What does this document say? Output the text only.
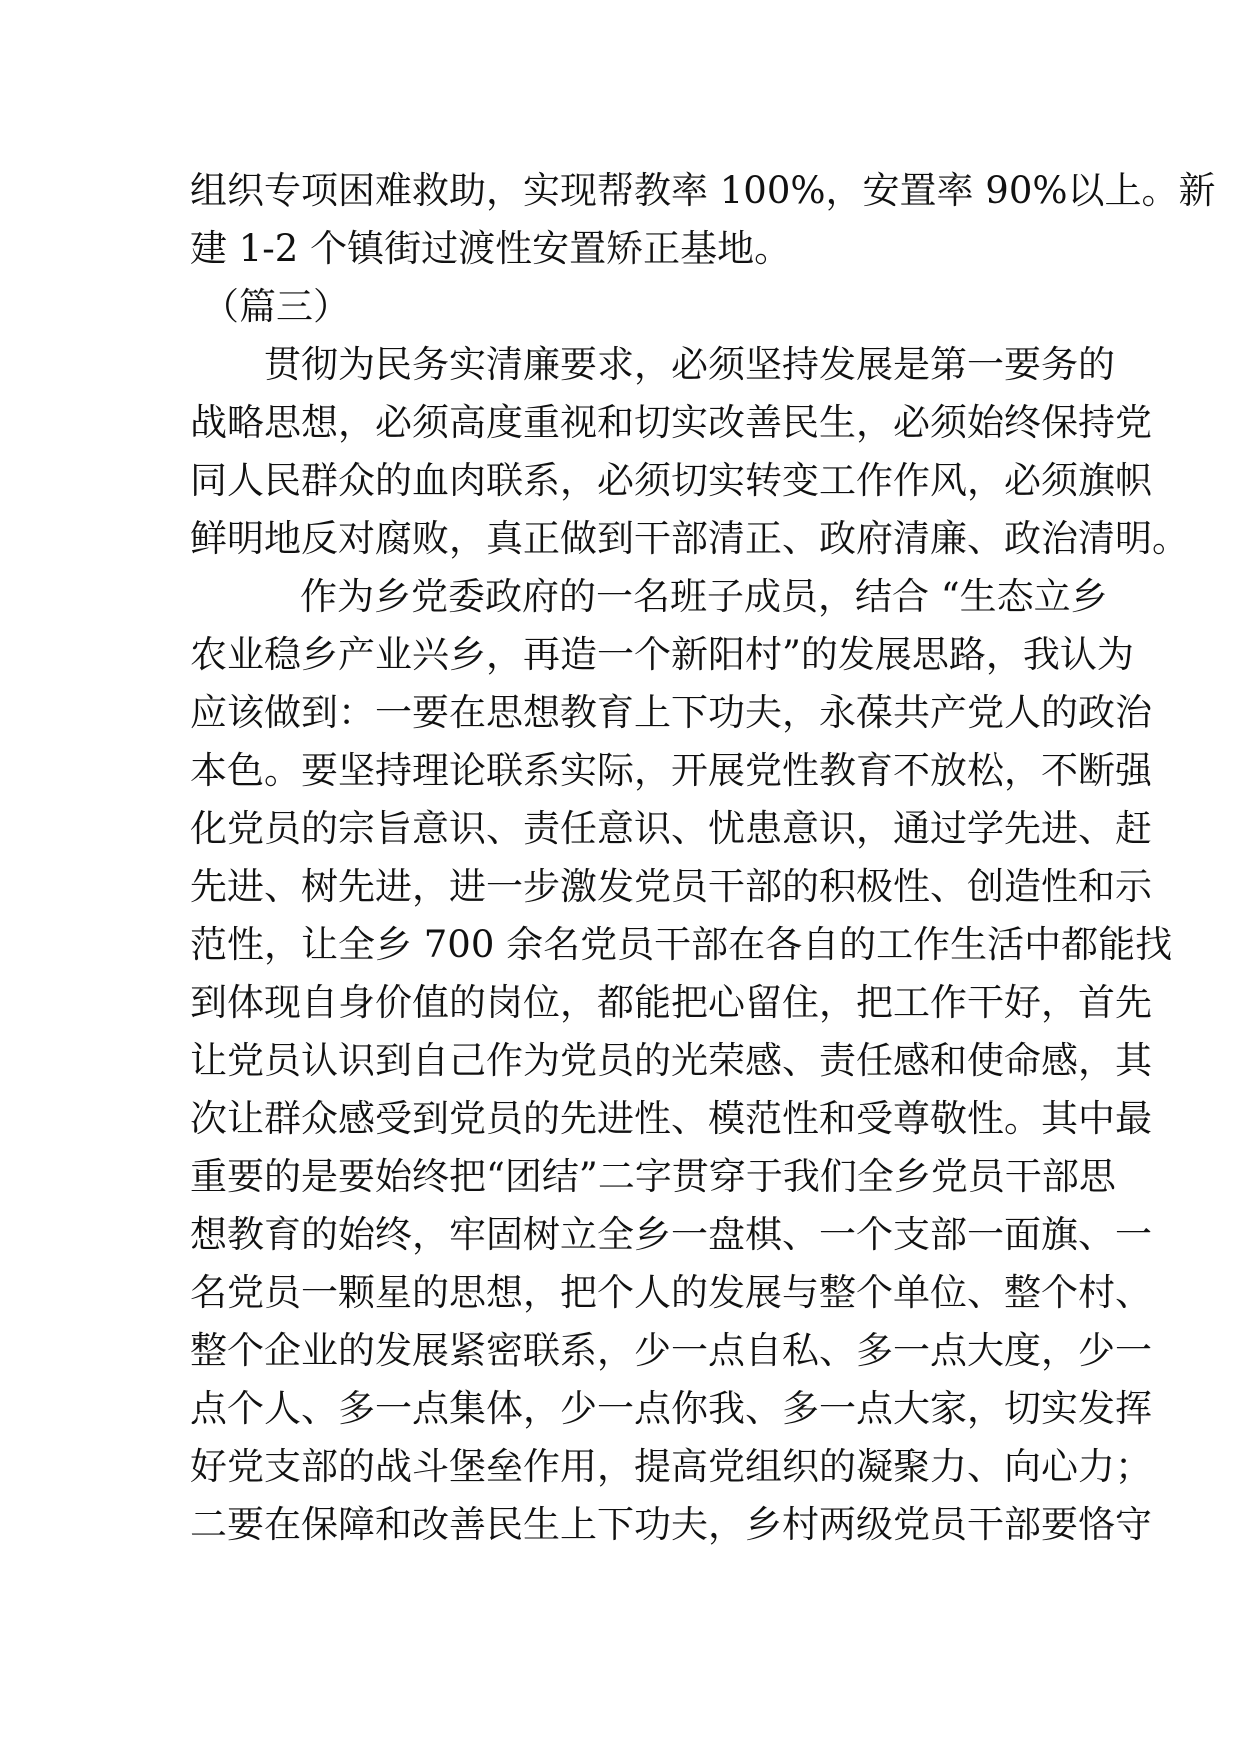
组织专项困难救助，实现帮教率 100%，安置率 90%以上。新
建 1-2 个镇街过渡性安置矫正基地。
（篇三）
贯彻为民务实清廉要求，必须坚持发展是第一要务的
战略思想，必须高度重视和切实改善民生，必须始终保持党
同人民群众的血肉联系，必须切实转变工作作风，必须旗帜
鲜明地反对腐败，真正做到干部清正、政府清廉、政治清明。
作为乡党委政府的一名班子成员，结合 “生态立乡
农业稳乡产业兴乡，再造一个新阳村”的发展思路，我认为
应该做到：一要在思想教育上下功夫，永葆共产党人的政治
本色。要坚持理论联系实际，开展党性教育不放松，不断强
化党员的宗旨意识、责任意识、忧患意识，通过学先进、赶
先进、树先进，进一步激发党员干部的积极性、创造性和示
范性，让全乡 700 余名党员干部在各自的工作生活中都能找
到体现自身价值的岗位，都能把心留住，把工作干好，首先
让党员认识到自己作为党员的光荣感、责任感和使命感，其
次让群众感受到党员的先进性、模范性和受尊敬性。其中最
重要的是要始终把“团结”二字贯穿于我们全乡党员干部思
想教育的始终，牢固树立全乡一盘棋、一个支部一面旗、一
名党员一颗星的思想，把个人的发展与整个单位、整个村、
整个企业的发展紧密联系，少一点自私、多一点大度，少一
点个人、多一点集体，少一点你我、多一点大家，切实发挥
好党支部的战斗堡垒作用，提高党组织的凝聚力、向心力；
二要在保障和改善民生上下功夫，乡村两级党员干部要恪守
